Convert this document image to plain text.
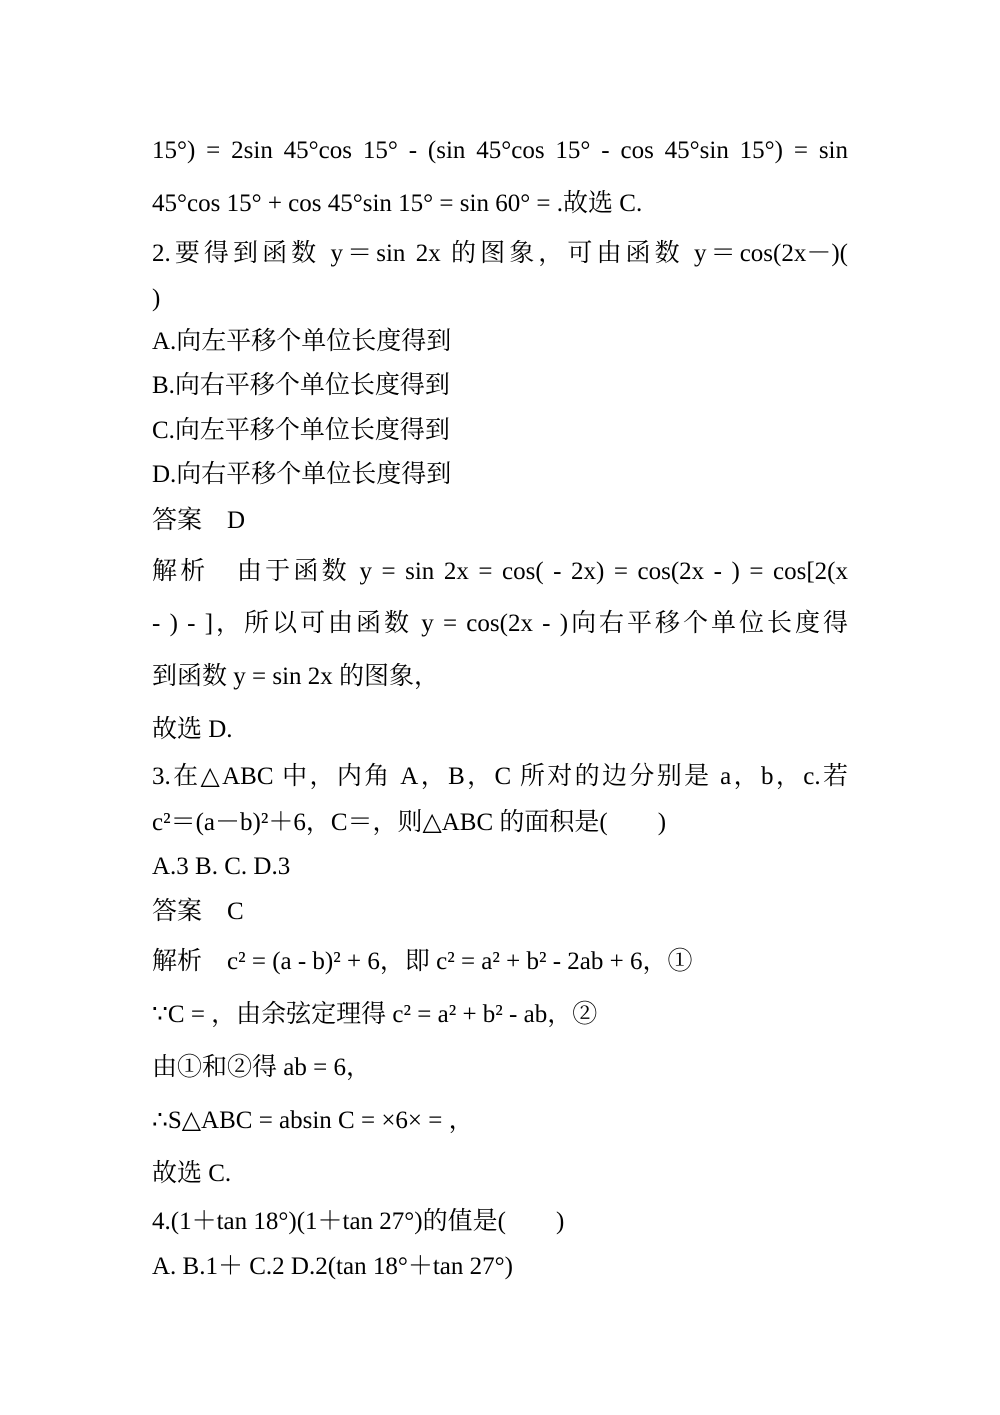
15°) = 2sin 45°cos 15° - (sin 45°cos 15° - cos 45°sin 15°) = sin
45°cos 15° + cos 45°sin 15° = sin 60° = .故选 C.
2.要得到函数 y＝sin 2x 的图象，可由函数 y＝cos(2x－)(
)
A.向左平移个单位长度得到
B.向右平移个单位长度得到
C.向左平移个单位长度得到
D.向右平移个单位长度得到
答案　D
解析　由于函数 y = sin 2x = cos( - 2x) = cos(2x - ) = cos[2(x
- ) - ]，所以可由函数 y = cos(2x - )向右平移个单位长度得
到函数 y = sin 2x 的图象，
故选 D.
3.在△ABC 中，内角 A，B，C 所对的边分别是 a，b，c.若
c²＝(a－b)²＋6，C＝，则△ABC 的面积是(　　)
A.3 B. C. D.3
答案　C
解析　c² = (a - b)² + 6，即 c² = a² + b² - 2ab + 6，①
∵C = ，由余弦定理得 c² = a² + b² - ab，②
由①和②得 ab = 6，
∴S△ABC = absin C = ×6× = ，
故选 C.
4.(1＋tan 18°)(1＋tan 27°)的值是(　　)
A. B.1＋ C.2 D.2(tan 18°＋tan 27°)
